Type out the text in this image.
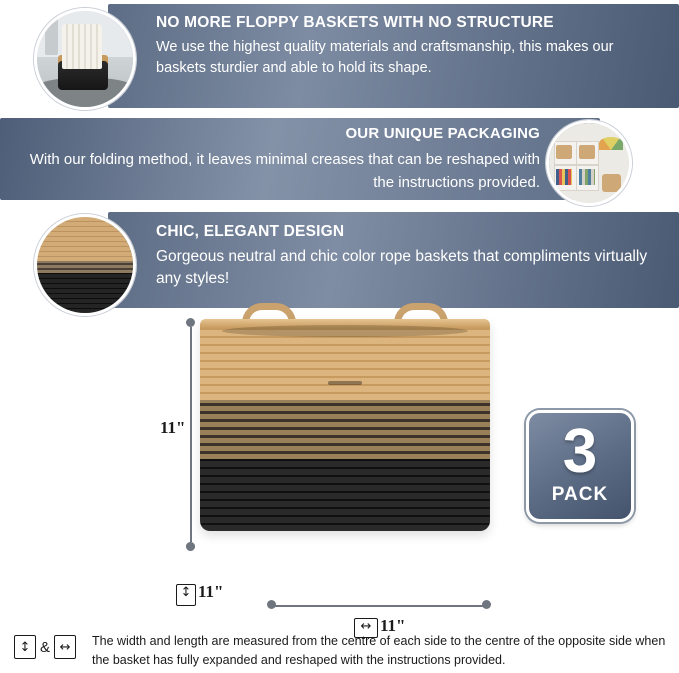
NO MORE FLOPPY BASKETS WITH NO STRUCTURE

We use the highest quality materials and craftsmanship, this makes our baskets sturdier and able to hold its shape.

OUR UNIQUE PACKAGING

With our folding method, it leaves minimal creases that can be reshaped with the instructions provided.

CHIC, ELEGANT DESIGN

Gorgeous neutral and chic color rope baskets that compliments virtually any styles!

11"
↕ 11"
↔ 11"
3
PACK
↕ & ↔	The width and length are measured from the centre of each side to the centre of the opposite side when the basket has fully expanded and reshaped with the instructions provided.
